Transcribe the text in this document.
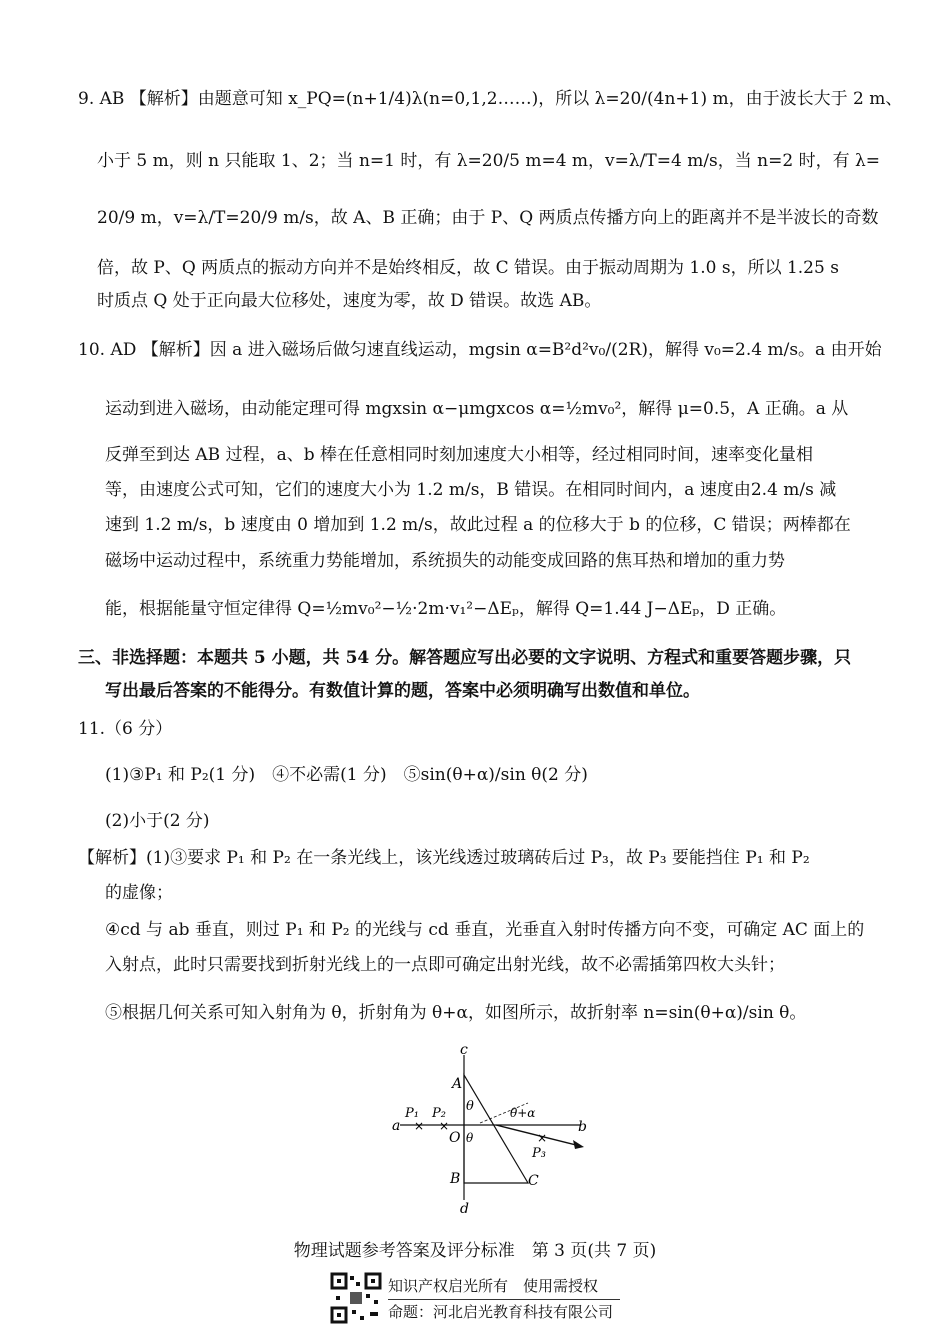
9. AB 【解析】由题意可知 x_PQ=(n+1/4)λ(n=0,1,2……)，所以 λ=20/(4n+1) m，由于波长大于 2 m、
小于 5 m，则 n 只能取 1、2；当 n=1 时，有 λ=20/5 m=4 m，v=λ/T=4 m/s，当 n=2 时，有 λ=
20/9 m，v=λ/T=20/9 m/s，故 A、B 正确；由于 P、Q 两质点传播方向上的距离并不是半波长的奇数
倍，故 P、Q 两质点的振动方向并不是始终相反，故 C 错误。由于振动周期为 1.0 s，所以 1.25 s
时质点 Q 处于正向最大位移处，速度为零，故 D 错误。故选 AB。
10. AD 【解析】因 a 进入磁场后做匀速直线运动，mgsin α=B²d²v₀/(2R)，解得 v₀=2.4 m/s。a 由开始
运动到进入磁场，由动能定理可得 mgxsin α−μmgxcos α=½mv₀²，解得 μ=0.5，A 正确。a 从
反弹至到达 AB 过程，a、b 棒在任意相同时刻加速度大小相等，经过相同时间，速率变化量相
等，由速度公式可知，它们的速度大小为 1.2 m/s，B 错误。在相同时间内，a 速度由2.4 m/s 减
速到 1.2 m/s，b 速度由 0 增加到 1.2 m/s，故此过程 a 的位移大于 b 的位移，C 错误；两棒都在
磁场中运动过程中，系统重力势能增加，系统损失的动能变成回路的焦耳热和增加的重力势
能，根据能量守恒定律得 Q=½mv₀²−½·2m·v₁²−ΔEₚ，解得 Q=1.44 J−ΔEₚ，D 正确。
三、非选择题：本题共 5 小题，共 54 分。解答题应写出必要的文字说明、方程式和重要答题步骤，只
写出最后答案的不能得分。有数值计算的题，答案中必须明确写出数值和单位。
11.（6 分）
(1)③P₁ 和 P₂(1 分)　④不必需(1 分)　⑤sin(θ+α)/sin θ(2 分)
(2)小于(2 分)
【解析】(1)③要求 P₁ 和 P₂ 在一条光线上，该光线透过玻璃砖后过 P₃，故 P₃ 要能挡住 P₁ 和 P₂
的虚像；
④cd 与 ab 垂直，则过 P₁ 和 P₂ 的光线与 cd 垂直，光垂直入射时传播方向不变，可确定 AC 面上的
入射点，此时只需要找到折射光线上的一点即可确定出射光线，故不必需插第四枚大头针；
⑤根据几何关系可知入射角为 θ，折射角为 θ+α，如图所示，故折射率 n=sin(θ+α)/sin θ。
× ×
×
c
d
a	b
A
B	C
O
P₁ P₂
P₃
θ
θ
θ+α
物理试题参考答案及评分标准　第 3 页(共 7 页)
知识产权启光所有　使用需授权
命题：河北启光教育科技有限公司
